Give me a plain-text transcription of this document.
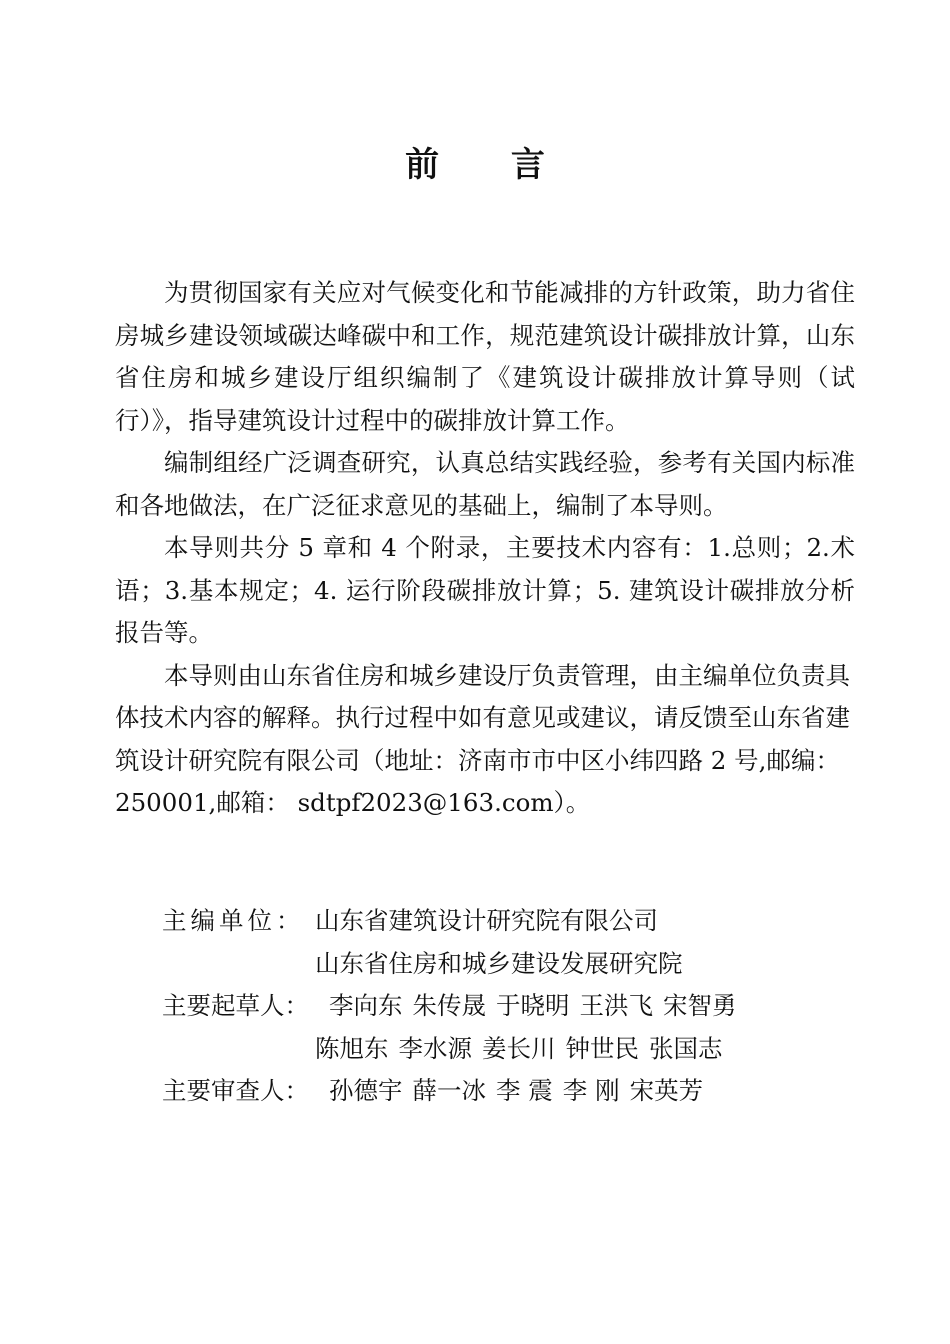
前 言

为贯彻国家有关应对气候变化和节能减排的方针政策，助力省住房城乡建设领域碳达峰碳中和工作，规范建筑设计碳排放计算，山东省住房和城乡建设厅组织编制了《建筑设计碳排放计算导则（试行）》，指导建筑设计过程中的碳排放计算工作。

编制组经广泛调查研究，认真总结实践经验，参考有关国内标准和各地做法，在广泛征求意见的基础上，编制了本导则。

本导则共分 5 章和 4 个附录，主要技术内容有：1.总则；2.术语；3.基本规定；4. 运行阶段碳排放计算；5. 建筑设计碳排放分析报告等。

本导则由山东省住房和城乡建设厅负责管理，由主编单位负责具体技术内容的解释。执行过程中如有意见或建议，请反馈至山东省建筑设计研究院有限公司（地址：济南市市中区小纬四路 2 号,邮编：250001,邮箱： sdtpf2023@163.com）。

主编单位： 山东省建筑设计研究院有限公司
山东省住房和城乡建设发展研究院
主要起草人： 李向东 朱传晟 于晓明 王洪飞 宋智勇
陈旭东 李水源 姜长川 钟世民 张国志
主要审查人： 孙德宇 薛一冰 李 震 李 刚 宋英芳
